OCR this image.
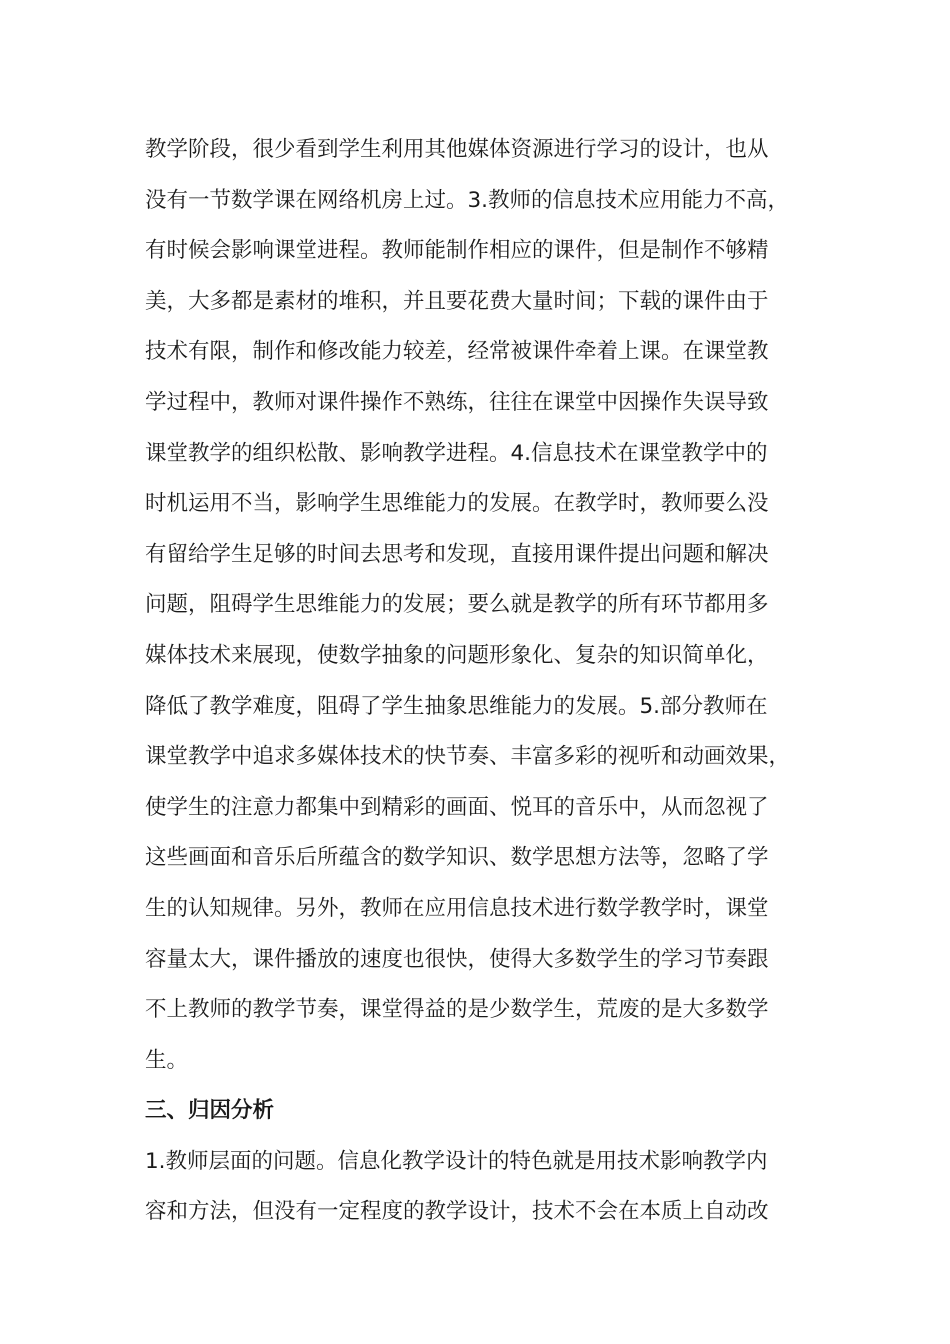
教学阶段，很少看到学生利用其他媒体资源进行学习的设计，也从
没有一节数学课在网络机房上过。3.教师的信息技术应用能力不高，
有时候会影响课堂进程。教师能制作相应的课件，但是制作不够精
美，大多都是素材的堆积，并且要花费大量时间；下载的课件由于
技术有限，制作和修改能力较差，经常被课件牵着上课。在课堂教
学过程中，教师对课件操作不熟练，往往在课堂中因操作失误导致
课堂教学的组织松散、影响教学进程。4.信息技术在课堂教学中的
时机运用不当，影响学生思维能力的发展。在教学时，教师要么没
有留给学生足够的时间去思考和发现，直接用课件提出问题和解决
问题，阻碍学生思维能力的发展；要么就是教学的所有环节都用多
媒体技术来展现，使数学抽象的问题形象化、复杂的知识简单化，
降低了教学难度，阻碍了学生抽象思维能力的发展。5.部分教师在
课堂教学中追求多媒体技术的快节奏、丰富多彩的视听和动画效果，
使学生的注意力都集中到精彩的画面、悦耳的音乐中，从而忽视了
这些画面和音乐后所蕴含的数学知识、数学思想方法等，忽略了学
生的认知规律。另外，教师在应用信息技术进行数学教学时，课堂
容量太大，课件播放的速度也很快，使得大多数学生的学习节奏跟
不上教师的教学节奏，课堂得益的是少数学生，荒废的是大多数学
生。
三、归因分析
1.教师层面的问题。信息化教学设计的特色就是用技术影响教学内
容和方法，但没有一定程度的教学设计，技术不会在本质上自动改
